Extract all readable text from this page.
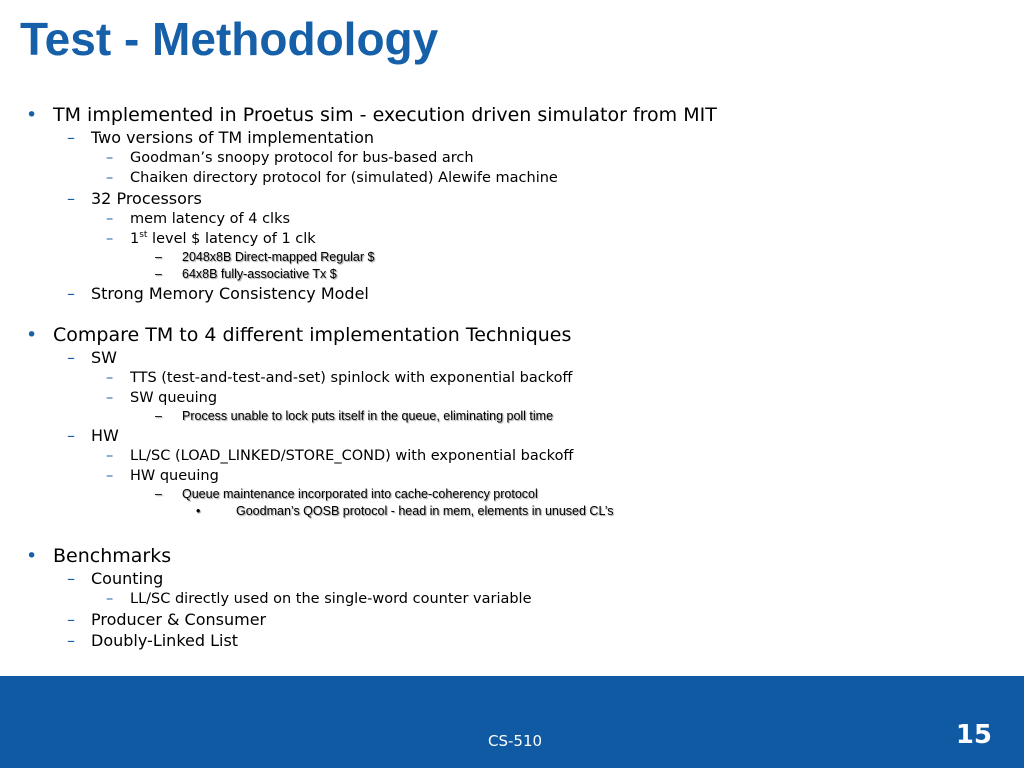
Test - Methodology
• TM implemented in Proetus sim - execution driven simulator from MIT
– Two versions of TM implementation
– Goodman’s snoopy protocol for bus-based arch
– Chaiken directory protocol for (simulated) Alewife machine
– 32 Processors
– mem latency of 4 clks
– 1st level $ latency of 1 clk
– 2048x8B Direct-mapped Regular $
– 64x8B fully-associative Tx $
– Strong Memory Consistency Model
• Compare TM to 4 different implementation Techniques
– SW
– TTS (test-and-test-and-set) spinlock with exponential backoff
– SW queuing
– Process unable to lock puts itself in the queue, eliminating poll time
– HW
– LL/SC (LOAD_LINKED/STORE_COND) with exponential backoff
– HW queuing
– Queue maintenance incorporated into cache-coherency protocol
•	Goodman’s QOSB protocol - head in mem, elements in unused CL’s
• Benchmarks
– Counting
– LL/SC directly used on the single-word counter variable
– Producer & Consumer
– Doubly-Linked List
CS-510	15
